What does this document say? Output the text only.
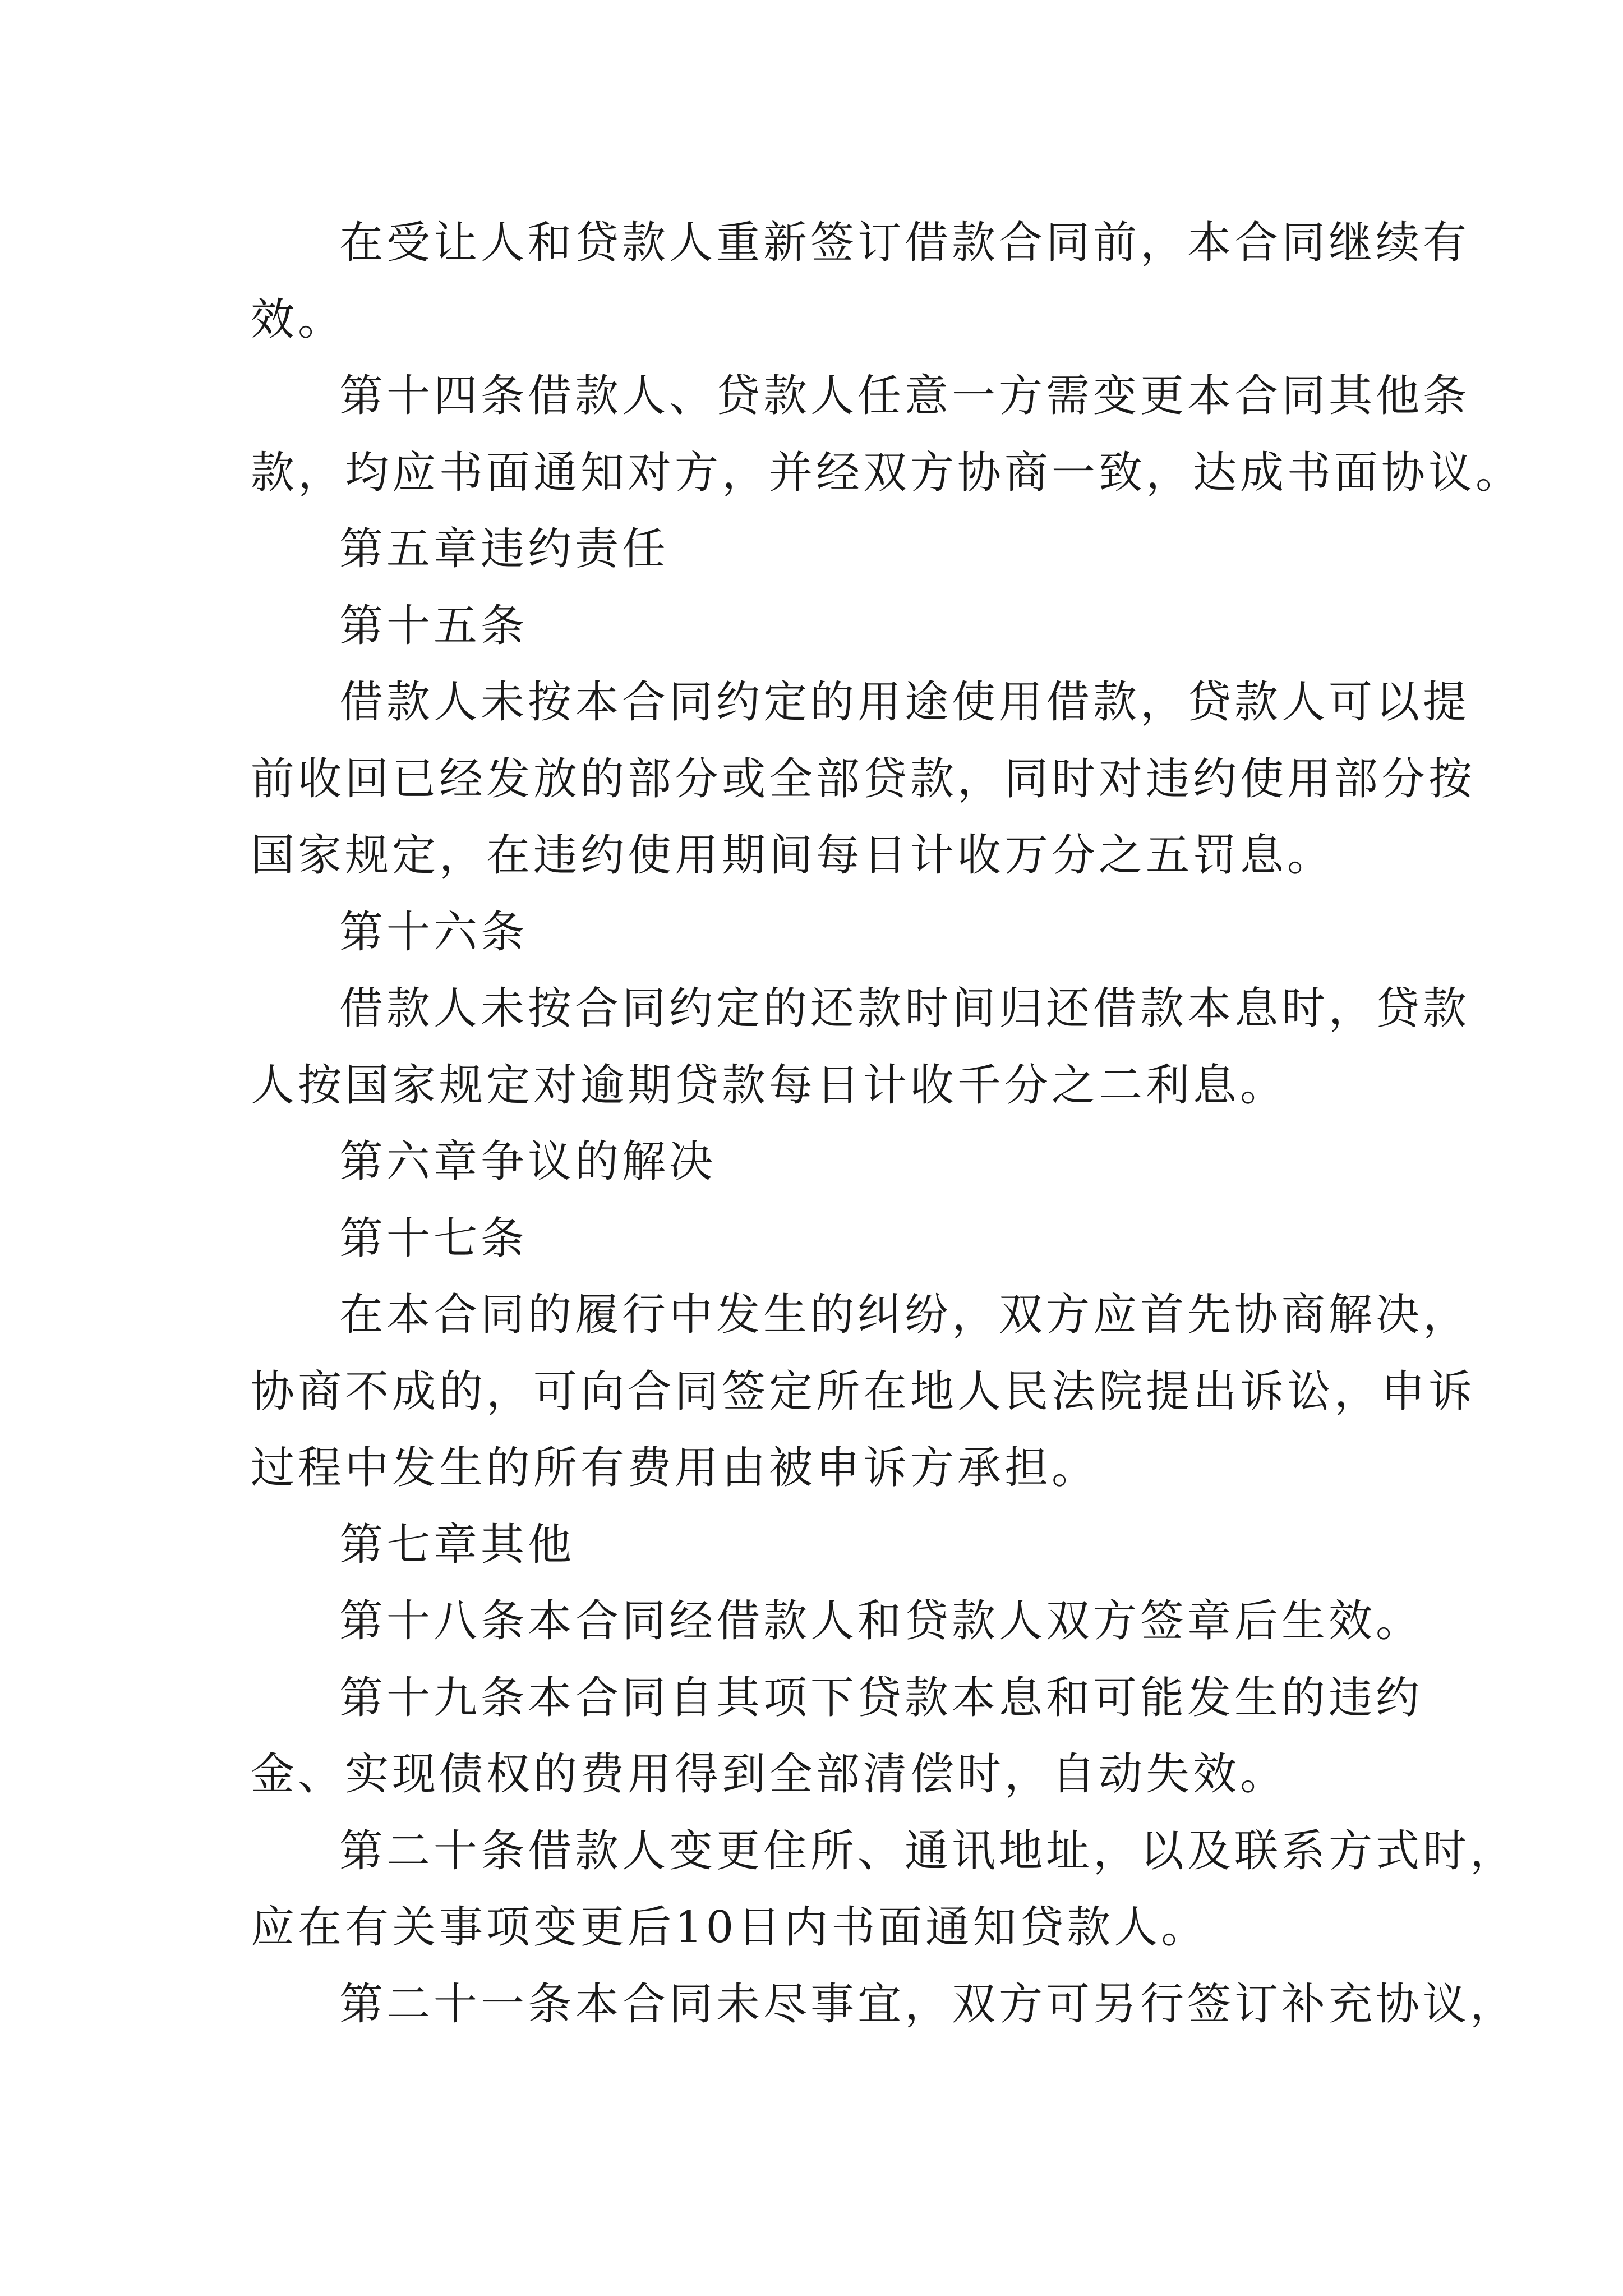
在受让人和贷款人重新签订借款合同前，本合同继续有
效。
第十四条借款人、贷款人任意一方需变更本合同其他条
款，均应书面通知对方，并经双方协商一致，达成书面协议。
第五章违约责任
第十五条
借款人未按本合同约定的用途使用借款，贷款人可以提
前收回已经发放的部分或全部贷款，同时对违约使用部分按
国家规定，在违约使用期间每日计收万分之五罚息。
第十六条
借款人未按合同约定的还款时间归还借款本息时，贷款
人按国家规定对逾期贷款每日计收千分之二利息。
第六章争议的解决
第十七条
在本合同的履行中发生的纠纷，双方应首先协商解决，
协商不成的，可向合同签定所在地人民法院提出诉讼，申诉
过程中发生的所有费用由被申诉方承担。
第七章其他
第十八条本合同经借款人和贷款人双方签章后生效。
第十九条本合同自其项下贷款本息和可能发生的违约
金、实现债权的费用得到全部清偿时，自动失效。
第二十条借款人变更住所、通讯地址，以及联系方式时，
应在有关事项变更后10日内书面通知贷款人。
第二十一条本合同未尽事宜，双方可另行签订补充协议，
